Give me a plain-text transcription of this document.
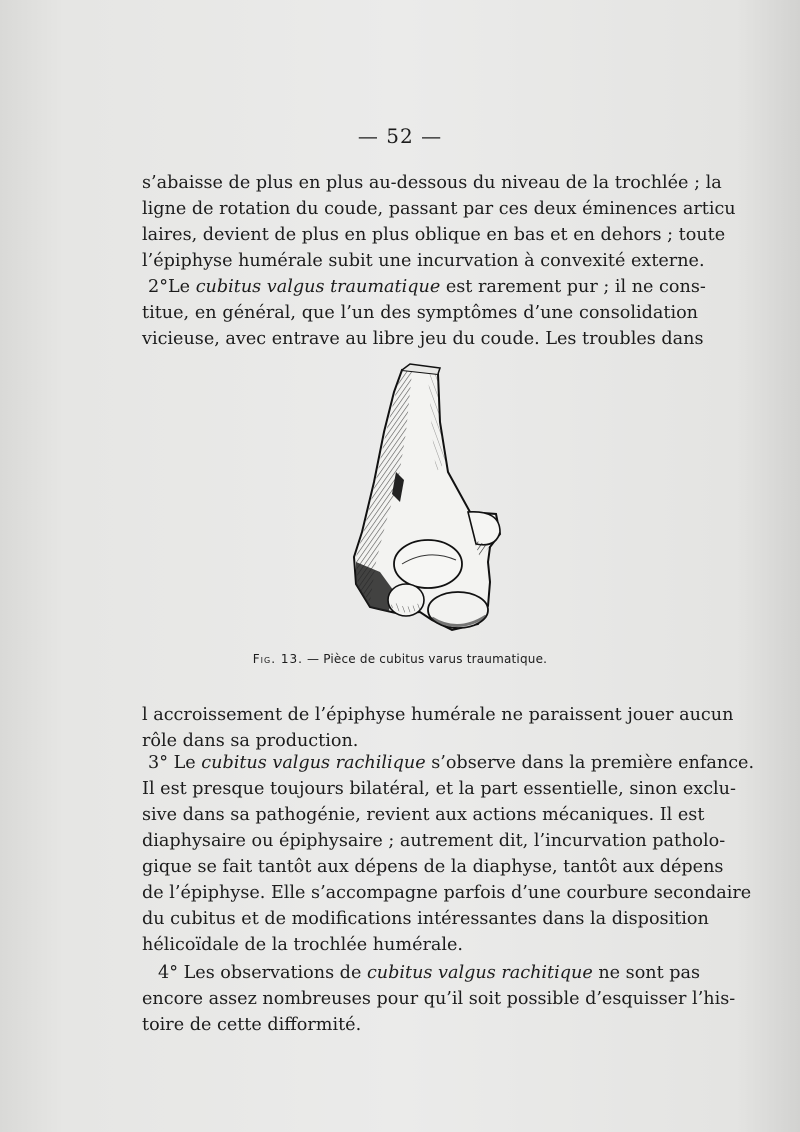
— 52 —
s’abaisse de plus en plus au-dessous du niveau de la trochlée ; la
ligne de rotation du coude, passant par ces deux éminences articu
laires, devient de plus en plus oblique en bas et en dehors ; toute
l’épiphyse humérale subit une incurvation à convexité externe.
2°Le cubitus valgus traumatique est rarement pur ; il ne cons-
titue, en général, que l’un des symptômes d’une consolidation
vicieuse, avec entrave au libre jeu du coude. Les troubles dans
Fig. 13. — Pièce de cubitus varus traumatique.
l accroissement de l’épiphyse humérale ne paraissent jouer aucun
rôle dans sa production.
3° Le cubitus valgus rachilique s’observe dans la première enfance.
Il est presque toujours bilatéral, et la part essentielle, sinon exclu-
sive dans sa pathogénie, revient aux actions mécaniques. Il est
diaphysaire ou épiphysaire ; autrement dit, l’incurvation patholo-
gique se fait tantôt aux dépens de la diaphyse, tantôt aux dépens
de l’épiphyse. Elle s’accompagne parfois d’une courbure secondaire
du cubitus et de modifications intéressantes dans la disposition
hélicoïdale de la trochlée humérale.
4° Les observations de cubitus valgus rachitique ne sont pas
encore assez nombreuses pour qu’il soit possible d’esquisser l’his-
toire de cette difformité.
